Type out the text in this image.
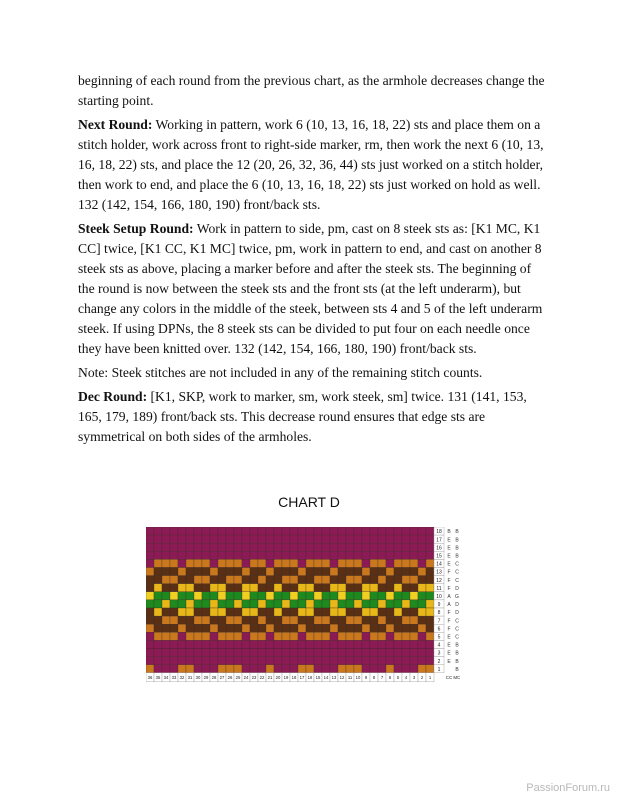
beginning of each round from the previous chart, as the armhole decreases change the starting point.

Next Round: Working in pattern, work 6 (10, 13, 16, 18, 22) sts and place them on a stitch holder, work across front to right-side marker, rm, then work the next 6 (10, 13, 16, 18, 22) sts, and place the 12 (20, 26, 32, 36, 44) sts just worked on a stitch holder, then work to end, and place the 6 (10, 13, 16, 18, 22) sts just worked on hold as well. 132 (142, 154, 166, 180, 190) front/back sts.

Steek Setup Round: Work in pattern to side, pm, cast on 8 steek sts as: [K1 MC, K1 CC] twice, [K1 CC, K1 MC] twice, pm, work in pattern to end, and cast on another 8 steek sts as above, placing a marker before and after the steek sts. The beginning of the round is now between the steek sts and the front sts (at the left underarm), but change any colors in the middle of the steek, between sts 4 and 5 of the left underarm steek. If using DPNs, the 8 steek sts can be divided to put four on each needle once they have been knitted over. 132 (142, 154, 166, 180, 190) front/back sts.

Note: Steek stitches are not included in any of the remaining stitch counts.

Dec Round: [K1, SKP, work to marker, sm, work steek, sm] twice. 131 (141, 153, 165, 179, 189) front/back sts. This decrease round ensures that edge sts are symmetrical on both sides of the armholes.

CHART D
18 B B
17 E B
16 E B
15 E B
14 E C
13 F C
12 F C
11 F D
10 A G
9 A D
8 F D
7 F C
6 F C
5 E C
4 E B
3 E B
2 E B
1	B
36 35 34 33 32 31 30 29 28 27 26 25 24 23 22 21 20 19 18 17 16 15 14 13 12 11 10 9 8 7 6 5 4 3 2 1	CC MC
PassionForum.ru
